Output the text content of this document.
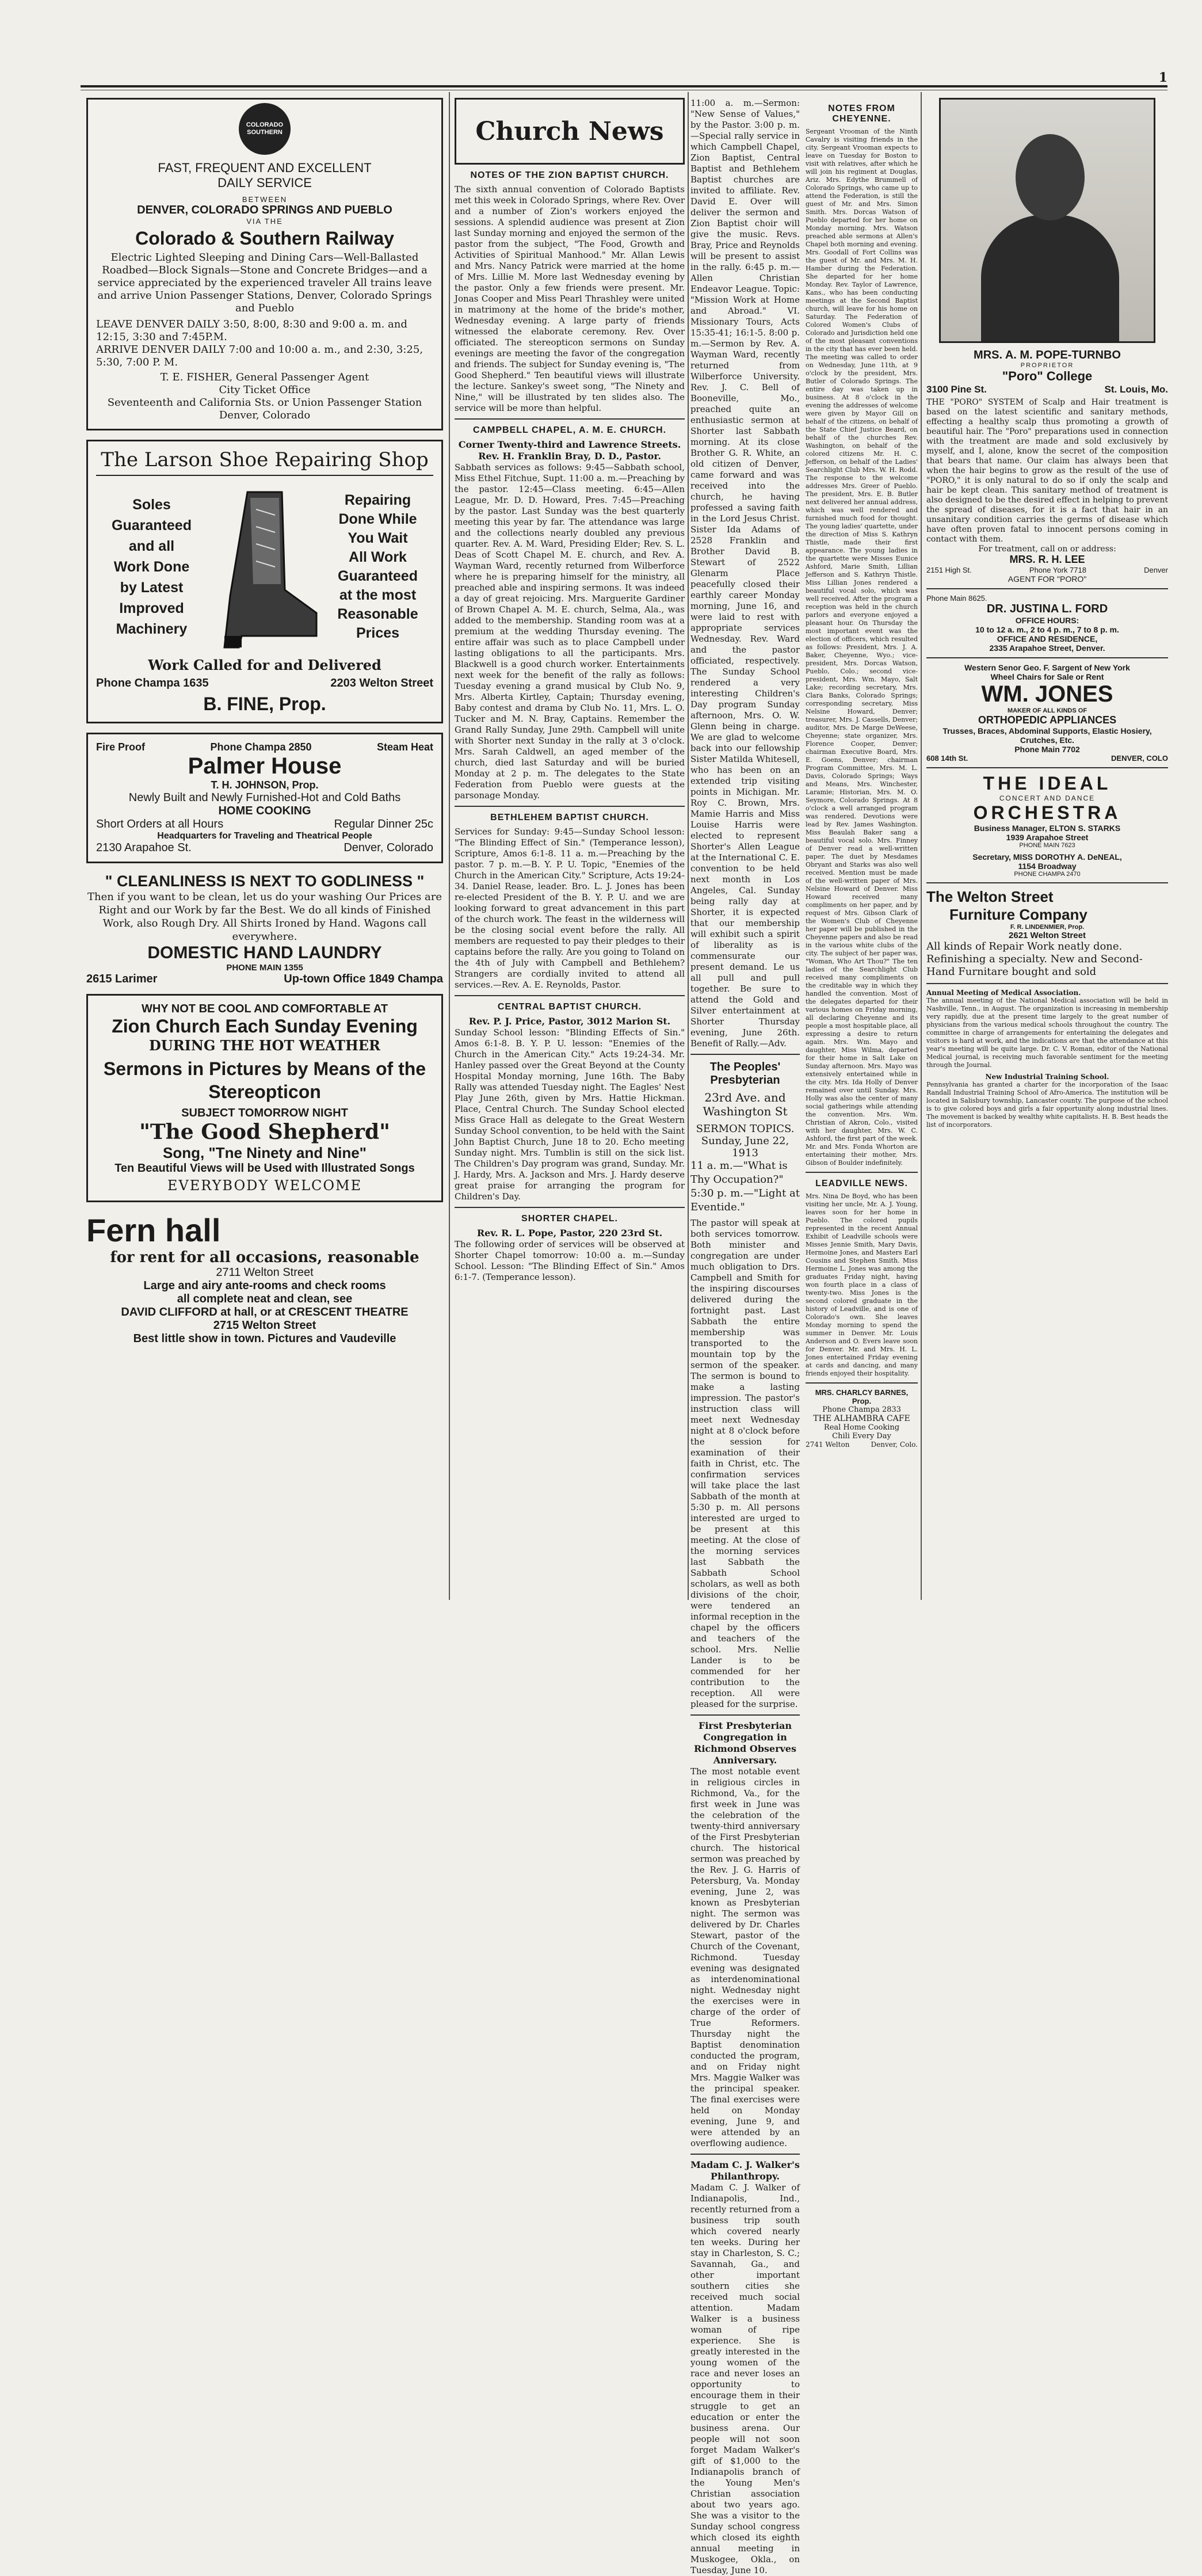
1
COLORADO SOUTHERN
FAST, FREQUENT AND EXCELLENT
DAILY SERVICE
BETWEEN
DENVER, COLORADO SPRINGS AND PUEBLO
VIA THE
Colorado & Southern Railway
Electric Lighted Sleeping and Dining Cars—Well-Ballasted Roadbed—Block Signals—Stone and Concrete Bridges—and a service appreciated by the experienced traveler All trains leave and arrive Union Passenger Stations, Denver, Colorado Springs and Pueblo
LEAVE DENVER DAILY 3:50, 8:00, 8:30 and 9:00 a. m. and 12:15, 3:30 and 7:45P.M.
ARRIVE DENVER DAILY 7:00 and 10:00 a. m., and 2:30, 3:25, 5:30, 7:00 P. M.
T. E. FISHER, General Passenger Agent
City Ticket Office
Seventeenth and California Sts. or Union Passenger Station Denver, Colorado
The Larson Shoe Repairing Shop
Soles
Guaranteed
and all
Work Done
by Latest
Improved
Machinery
Repairing
Done While
You Wait
All Work
Guaranteed
at the most
Reasonable
Prices
Work Called for and Delivered
Phone Champa 1635	2203 Welton Street
B. FINE, Prop.
Fire Proof	Phone Champa 2850	Steam Heat
Palmer House
T. H. JOHNSON, Prop.
Newly Built and Newly Furnished-Hot and Cold Baths
HOME COOKING
Short Orders at all Hours	Regular Dinner 25c
Headquarters for Traveling and Theatrical People
2130 Arapahoe St.	Denver, Colorado
" CLEANLINESS IS NEXT TO GODLINESS "
Then if you want to be clean, let us do your washing Our Prices are Right and our Work by far the Best. We do all kinds of Finished Work, also Rough Dry. All Shirts Ironed by Hand. Wagons call everywhere.
DOMESTIC HAND LAUNDRY
PHONE MAIN 1355
2615 Larimer	Up-town Office 1849 Champa
WHY NOT BE COOL AND COMFORTABLE AT
Zion Church Each Sunday Evening
DURING THE HOT WEATHER
Sermons in Pictures by Means of the Stereopticon
SUBJECT TOMORROW NIGHT
"The Good Shepherd"
Song, "Tne Ninety and Nine"
Ten Beautiful Views will be Used with Illustrated Songs
EVERYBODY WELCOME
Fern hall
for rent for all occasions, reasonable
2711 Welton Street
Large and airy ante-rooms and check rooms
all complete neat and clean, see
DAVID CLIFFORD at hall, or at CRESCENT THEATRE
2715 Welton Street
Best little show in town. Pictures and Vaudeville
Church News
NOTES OF THE ZION BAPTIST CHURCH.
The sixth annual convention of Colorado Baptists met this week in Colorado Springs, where Rev. Over and a number of Zion's workers enjoyed the sessions. A splendid audience was present at Zion last Sunday morning and enjoyed the sermon of the pastor from the subject, "The Food, Growth and Activities of Spiritual Manhood." Mr. Allan Lewis and Mrs. Nancy Patrick were married at the home of Mrs. Lillie M. More last Wednesday evening by the pastor. Only a few friends were present. Mr. Jonas Cooper and Miss Pearl Thrashley were united in matrimony at the home of the bride's mother, Wednesday evening. A large party of friends witnessed the elaborate ceremony. Rev. Over officiated. The stereopticon sermons on Sunday evenings are meeting the favor of the congregation and friends. The subject for Sunday evening is, "The Good Shepherd." Ten beautiful views will illustrate the lecture. Sankey's sweet song, "The Ninety and Nine," will be illustrated by ten slides also. The service will be more than helpful.
CAMPBELL CHAPEL, A. M. E. CHURCH.
Corner Twenty-third and Lawrence Streets. Rev. H. Franklin Bray, D. D., Pastor.
Sabbath services as follows: 9:45—Sabbath school, Miss Ethel Fitchue, Supt. 11:00 a. m.—Preaching by the pastor. 12:45—Class meeting. 6:45—Allen League, Mr. D. D. Howard, Pres. 7:45—Preaching by the pastor. Last Sunday was the best quarterly meeting this year by far. The attendance was large and the collections nearly doubled any previous quarter. Rev. A. M. Ward, Presiding Elder; Rev. S. L. Deas of Scott Chapel M. E. church, and Rev. A. Wayman Ward, recently returned from Wilberforce where he is preparing himself for the ministry, all preached able and inspiring sermons. It was indeed a day of great rejoicing. Mrs. Marguerite Gardiner of Brown Chapel A. M. E. church, Selma, Ala., was added to the membership. Standing room was at a premium at the wedding Thursday evening. The entire affair was such as to place Campbell under lasting obligations to all the participants. Mrs. Blackwell is a good church worker. Entertainments next week for the benefit of the rally as follows: Tuesday evening a grand musical by Club No. 9, Mrs. Alberta Kirtley, Captain; Thursday evening, Baby contest and drama by Club No. 11, Mrs. L. O. Tucker and M. N. Bray, Captains. Remember the Grand Rally Sunday, June 29th. Campbell will unite with Shorter next Sunday in the rally at 3 o'clock. Mrs. Sarah Caldwell, an aged member of the church, died last Saturday and will be buried Monday at 2 p. m. The delegates to the State Federation from Pueblo were guests at the parsonage Monday.
BETHLEHEM BAPTIST CHURCH.
Services for Sunday: 9:45—Sunday School lesson: "The Blinding Effect of Sin." (Temperance lesson), Scripture, Amos 6:1-8. 11 a. m.—Preaching by the pastor. 7 p. m.—B. Y. P. U. Topic, "Enemies of the Church in the American City." Scripture, Acts 19:24-34. Daniel Rease, leader. Bro. L. J. Jones has been re-elected President of the B. Y. P. U. and we are looking forward to great advancement in this part of the church work. The feast in the wilderness will be the closing social event before the rally. All members are requested to pay their pledges to their captains before the rally. Are you going to Toland on the 4th of July with Campbell and Bethlehem? Strangers are cordially invited to attend all services.—Rev. A. E. Reynolds, Pastor.
CENTRAL BAPTIST CHURCH.
Rev. P. J. Price, Pastor, 3012 Marion St.
Sunday School lesson: "Blinding Effects of Sin." Amos 6:1-8. B. Y. P. U. lesson: "Enemies of the Church in the American City." Acts 19:24-34. Mr. Hanley passed over the Great Beyond at the County Hospital Monday morning, June 16th. The Baby Rally was attended Tuesday night. The Eagles' Nest Play June 26th, given by Mrs. Hattie Hickman. Place, Central Church. The Sunday School elected Miss Grace Hall as delegate to the Great Western Sunday School convention, to be held with the Saint John Baptist Church, June 18 to 20. Echo meeting Sunday night. Mrs. Tumblin is still on the sick list. The Children's Day program was grand, Sunday. Mr. J. Hardy, Mrs. A. Jackson and Mrs. J. Hardy deserve great praise for arranging the program for Children's Day.
SHORTER CHAPEL.
Rev. R. L. Pope, Pastor, 220 23rd St.
The following order of services will be observed at Shorter Chapel tomorrow: 10:00 a. m.—Sunday School. Lesson: "The Blinding Effect of Sin." Amos 6:1-7. (Temperance lesson).
11:00 a. m.—Sermon: "New Sense of Values," by the Pastor. 3:00 p. m.—Special rally service in which Campbell Chapel, Zion Baptist, Central Baptist and Bethlehem Baptist churches are invited to affiliate. Rev. David E. Over will deliver the sermon and Zion Baptist choir will give the music. Revs. Bray, Price and Reynolds will be present to assist in the rally. 6:45 p. m.—Allen Christian Endeavor League. Topic: "Mission Work at Home and Abroad." VI. Missionary Tours, Acts 15:35-41; 16:1-5. 8:00 p. m.—Sermon by Rev. A. Wayman Ward, recently returned from Wilberforce University. Rev. J. C. Bell of Booneville, Mo., preached quite an enthusiastic sermon at Shorter last Sabbath morning. At its close Brother G. R. White, an old citizen of Denver, came forward and was received into the church, he having professed a saving faith in the Lord Jesus Christ. Sister Ida Adams of 2528 Franklin and Brother David B. Stewart of 2522 Glenarm Place peacefully closed their earthly career Monday morning, June 16, and were laid to rest with appropriate services Wednesday. Rev. Ward and the pastor officiated, respectively. The Sunday School rendered a very interesting Children's Day program Sunday afternoon, Mrs. O. W. Glenn being in charge. We are glad to welcome back into our fellowship Sister Matilda Whitesell, who has been on an extended trip visiting points in Michigan. Mr. Roy C. Brown, Mrs. Mamie Harris and Miss Louise Harris were elected to represent Shorter's Allen League at the International C. E. convention to be held next month in Los Angeles, Cal. Sunday being rally day at Shorter, it is expected that our membership will exhibit such a spirit of liberality as is commensurate our present demand. Le us all pull and pull together. Be sure to attend the Gold and Silver entertainment at Shorter Thursday evening, June 26th. Benefit of Rally.—Adv.
The Peoples' Presbyterian
23rd Ave. and Washington St
SERMON TOPICS.
Sunday, June 22, 1913
11 a. m.—"What is Thy Occupation?"
5:30 p. m.—"Light at Eventide."
The pastor will speak at both services tomorrow. Both minister and congregation are under much obligation to Drs. Campbell and Smith for the inspiring discourses delivered during the fortnight past. Last Sabbath the entire membership was transported to the mountain top by the sermon of the speaker. The sermon is bound to make a lasting impression. The pastor's instruction class will meet next Wednesday night at 8 o'clock before the session for examination of their faith in Christ, etc. The confirmation services will take place the last Sabbath of the month at 5:30 p. m. All persons interested are urged to be present at this meeting. At the close of the morning services last Sabbath the Sabbath School scholars, as well as both divisions of the choir, were tendered an informal reception in the chapel by the officers and teachers of the school. Mrs. Nellie Lander is to be commended for her contribution to the reception. All were pleased for the surprise.
First Presbyterian Congregation in Richmond Observes Anniversary.
The most notable event in religious circles in Richmond, Va., for the first week in June was the celebration of the twenty-third anniversary of the First Presbyterian church. The historical sermon was preached by the Rev. J. G. Harris of Petersburg, Va. Monday evening, June 2, was known as Presbyterian night. The sermon was delivered by Dr. Charles Stewart, pastor of the Church of the Covenant, Richmond. Tuesday evening was designated as interdenominational night. Wednesday night the exercises were in charge of the order of True Reformers. Thursday night the Baptist denomination conducted the program, and on Friday night Mrs. Maggie Walker was the principal speaker. The final exercises were held on Monday evening, June 9, and were attended by an overflowing audience.
Madam C. J. Walker's Philanthropy.
Madam C. J. Walker of Indianapolis, Ind., recently returned from a business trip south which covered nearly ten weeks. During her stay in Charleston, S. C.; Savannah, Ga., and other important southern cities she received much social attention. Madam Walker is a business woman of ripe experience. She is greatly interested in the young women of the race and never loses an opportunity to encourage them in their struggle to get an education or enter the business arena. Our people will not soon forget Madam Walker's gift of $1,000 to the Indianapolis branch of the Young Men's Christian association about two years ago. She was a visitor to the Sunday school congress which closed its eighth annual meeting in Muskogee, Okla., on Tuesday, June 10.
NOTES FROM CHEYENNE.
Sergeant Vrooman of the Ninth Cavalry is visiting friends in the city. Sergeant Vrooman expects to leave on Tuesday for Boston to visit with relatives, after which he will join his regiment at Douglas, Ariz. Mrs. Edythe Brummell of Colorado Springs, who came up to attend the Federation, is still the guest of Mr. and Mrs. Simon Smith. Mrs. Dorcas Watson of Pueblo departed for her home on Monday morning. Mrs. Watson preached able sermons at Allen's Chapel both morning and evening. Mrs. Goodall of Fort Collins was the guest of Mr. and Mrs. M. H. Hamber during the Federation. She departed for her home Monday. Rev. Taylor of Lawrence, Kans., who has been conducting meetings at the Second Baptist church, will leave for his home on Saturday. The Federation of Colored Women's Clubs of Colorado and Jurisdiction held one of the most pleasant conventions in the city that has ever been held. The meeting was called to order on Wednesday, June 11th, at 9 o'clock by the president, Mrs. Butler of Colorado Springs. The entire day was taken up in business. At 8 o'clock in the evening the addresses of welcome were given by Mayor Gill on behalf of the citizens, on behalf of the State Chief Justice Beard, on behalf of the churches Rev. Washington, on behalf of the colored citizens Mr. H. C. Jefferson, on behalf of the Ladies' Searchlight Club Mrs. W. H. Rodd. The response to the welcome addresses Mrs. Greer of Pueblo. The president, Mrs. E. B. Butler next delivered her annual address, which was well rendered and furnished much food for thought. The young ladies' quartette, under the direction of Miss S. Kathryn Thistle, made their first appearance. The young ladies in the quartette were Misses Eunice Ashford, Marie Smith, Lillian Jefferson and S. Kathryn Thistle. Miss Lillian Jones rendered a beautiful vocal solo, which was well received. After the program a reception was held in the church parlors and everyone enjoyed a pleasant hour. On Thursday the most important event was the election of officers, which resulted as follows: President, Mrs. J. A. Baker, Cheyenne, Wyo.; vice-president, Mrs. Dorcas Watson, Pueblo, Colo.; second vice-president, Mrs. Wm. Mayo, Salt Lake; recording secretary, Mrs. Clara Banks, Colorado Springs; corresponding secretary, Miss Nelsine Howard, Denver; treasurer, Mrs. J. Cassells, Denver; auditor, Mrs. De Marge DeWeese, Cheyenne; state organizer, Mrs. Florence Cooper, Denver; chairman Executive Board, Mrs. E. Goens, Denver; chairman Program Committee, Mrs. M. L. Davis, Colorado Springs; Ways and Means, Mrs. Winchester, Laramie; Historian, Mrs. M. O. Seymore, Colorado Springs. At 8 o'clock a well arranged program was rendered. Devotions were lead by Rev. James Washington. Miss Beaulah Baker sang a beautiful vocal solo. Mrs. Finney of Denver read a well-written paper. The duet by Mesdames Obryant and Starks was also well received. Mention must be made of the well-written paper of Mrs. Nelsine Howard of Denver. Miss Howard received many compliments on her paper, and by request of Mrs. Gibson Clark of the Women's Club of Cheyenne her paper will be published in the Cheyenne papers and also be read in the various white clubs of the city. The subject of her paper was, "Woman, Who Art Thou?" The ten ladies of the Searchlight Club received many compliments on the creditable way in which they handled the convention. Most of the delegates departed for their various homes on Friday morning, all declaring Cheyenne and its people a most hospitable place, all expressing a desire to return again. Mrs. Wm. Mayo and daughter, Miss Wilma, departed for their home in Salt Lake on Sunday afternoon. Mrs. Mayo was extensively entertained while in the city. Mrs. Ida Holly of Denver remained over until Sunday. Mrs. Holly was also the center of many social gatherings while attending the convention. Mrs. Wm. Christian of Akron, Colo., visited with her daughter, Mrs. W. C. Ashford, the first part of the week. Mr. and Mrs. Fonda Whorton are entertaining their mother, Mrs. Gibson of Boulder indefinitely.
LEADVILLE NEWS.
Mrs. Nina De Boyd, who has been visiting her uncle, Mr. A. J. Young, leaves soon for her home in Pueblo. The colored pupils represented in the recent Annual Exhibit of Leadville schools were Misses Jennie Smith, Mary Davis, Hermoine Jones, and Masters Earl Cousins and Stephen Smith. Miss Hermoine L. Jones was among the graduates Friday night, having won fourth place in a class of twenty-two. Miss Jones is the second colored graduate in the history of Leadville, and is one of Colorado's own. She leaves Monday morning to spend the summer in Denver. Mr. Louis Anderson and O. Evers leave soon for Denver. Mr. and Mrs. H. L. Jones entertained Friday evening at cards and dancing, and many friends enjoyed their hospitality.
MRS. CHARLCY BARNES, Prop.
Phone Champa 2833
THE ALHAMBRA CAFE
Real Home Cooking
Chili Every Day
2741 Welton	Denver, Colo.
MRS. A. M. POPE-TURNBO
PROPRIETOR
"Poro" College
3100 Pine St.	St. Louis, Mo.
THE "PORO" SYSTEM of Scalp and Hair treatment is based on the latest scientific and sanitary methods, effecting a healthy scalp thus promoting a growth of beautiful hair. The "Poro" preparations used in connection with the treatment are made and sold exclusively by myself, and I, alone, know the secret of the composition that bears that name. Our claim has always been that when the hair begins to grow as the result of the use of "PORO," it is only natural to do so if only the scalp and hair be kept clean. This sanitary method of treatment is also designed to be the desired effect in helping to prevent the spread of diseases, for it is a fact that hair in an unsanitary condition carries the germs of disease which have often proven fatal to innocent persons coming in contact with them.
For treatment, call on or address:
MRS. R. H. LEE
2151 High St.	Phone York 7718	Denver
AGENT FOR "PORO"
Phone Main 8625.
DR. JUSTINA L. FORD
OFFICE HOURS:
10 to 12 a. m., 2 to 4 p. m., 7 to 8 p. m.
OFFICE AND RESIDENCE,
2335 Arapahoe Street, Denver.
Western Senor Geo. F. Sargent of New York
Wheel Chairs for Sale or Rent
WM. JONES
MAKER OF ALL KINDS OF
ORTHOPEDIC APPLIANCES
Trusses, Braces, Abdominal Supports, Elastic Hosiery, Crutches, Etc.
Phone Main 7702
608 14th St.	DENVER, COLO
THE IDEAL
CONCERT AND DANCE
ORCHESTRA
Business Manager, ELTON S. STARKS
1939 Arapahoe Street
PHONE MAIN 7623
Secretary, MISS DOROTHY A. DeNEAL,
1154 Broadway
PHONE CHAMPA 2470
The Welton Street
Furniture Company
F. R. LINDENMIER, Prop.
2621 Welton Street
All kinds of Repair Work neatly done. Refinishing a specialty. New and Second-Hand Furnitare bought and sold
Annual Meeting of Medical Association.
The annual meeting of the National Medical association will be held in Nashville, Tenn., in August. The organization is increasing in membership very rapidly, due at the present time largely to the great number of physicians from the various medical schools throughout the country. The committee in charge of arrangements for entertaining the delegates and visitors is hard at work, and the indications are that the attendance at this year's meeting will be quite large. Dr. C. V. Roman, editor of the National Medical journal, is receiving much favorable sentiment for the meeting through the Journal.
New Industrial Training School.
Pennsylvania has granted a charter for the incorporation of the Isaac Randall Industrial Training School of Afro-America. The institution will be located in Salisbury township, Lancaster county. The purpose of the school is to give colored boys and girls a fair opportunity along industrial lines. The movement is backed by wealthy white capitalists. H. B. Best heads the list of incorporators.
